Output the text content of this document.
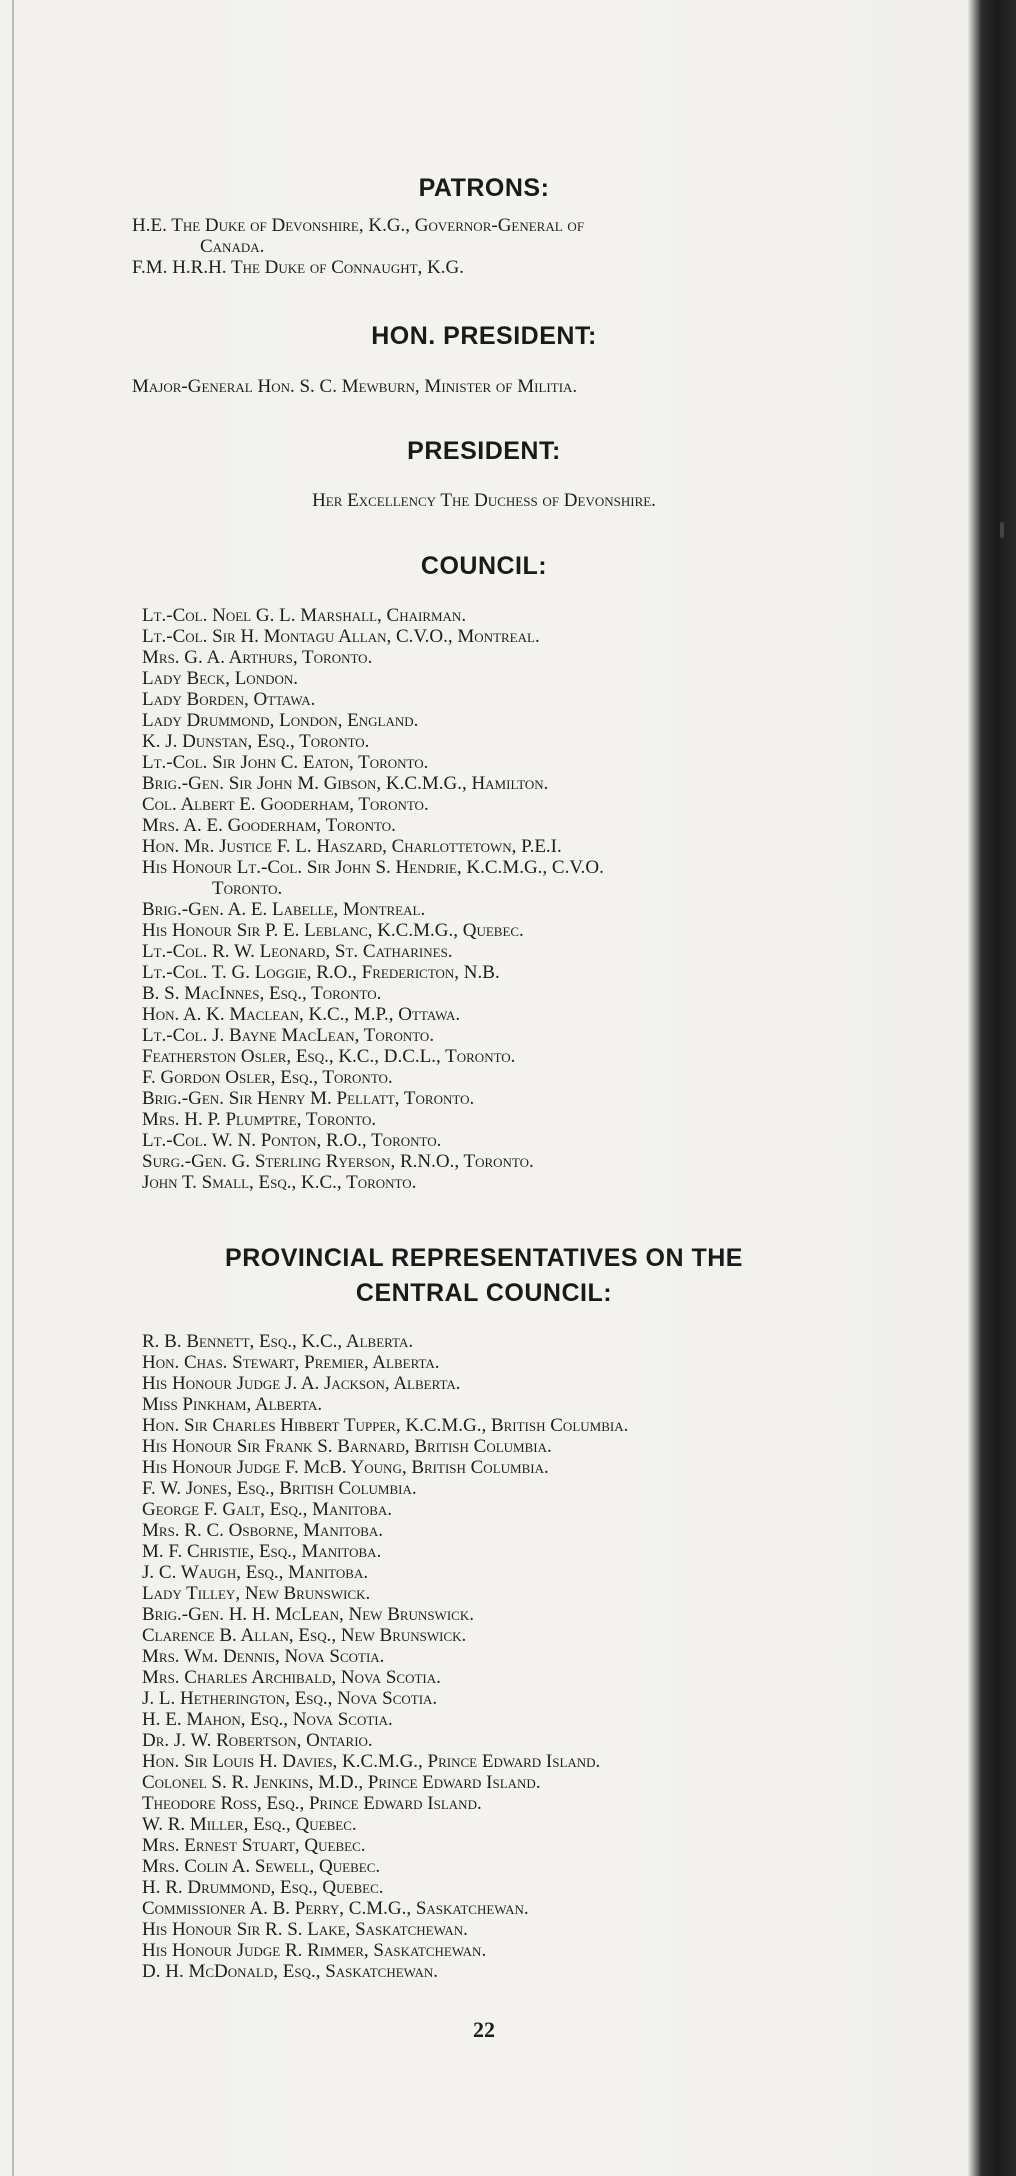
PATRONS:
H.E. The Duke of Devonshire, K.G., Governor-General of
Canada.
F.M. H.R.H. The Duke of Connaught, K.G.
HON. PRESIDENT:
Major-General Hon. S. C. Mewburn, Minister of Militia.
PRESIDENT:
Her Excellency The Duchess of Devonshire.
COUNCIL:
Lt.-Col. Noel G. L. Marshall, Chairman.
Lt.-Col. Sir H. Montagu Allan, C.V.O., Montreal.
Mrs. G. A. Arthurs, Toronto.
Lady Beck, London.
Lady Borden, Ottawa.
Lady Drummond, London, England.
K. J. Dunstan, Esq., Toronto.
Lt.-Col. Sir John C. Eaton, Toronto.
Brig.-Gen. Sir John M. Gibson, K.C.M.G., Hamilton.
Col. Albert E. Gooderham, Toronto.
Mrs. A. E. Gooderham, Toronto.
Hon. Mr. Justice F. L. Haszard, Charlottetown, P.E.I.
His Honour Lt.-Col. Sir John S. Hendrie, K.C.M.G., C.V.O.
Toronto.
Brig.-Gen. A. E. Labelle, Montreal.
His Honour Sir P. E. Leblanc, K.C.M.G., Quebec.
Lt.-Col. R. W. Leonard, St. Catharines.
Lt.-Col. T. G. Loggie, R.O., Fredericton, N.B.
B. S. MacInnes, Esq., Toronto.
Hon. A. K. Maclean, K.C., M.P., Ottawa.
Lt.-Col. J. Bayne MacLean, Toronto.
Featherston Osler, Esq., K.C., D.C.L., Toronto.
F. Gordon Osler, Esq., Toronto.
Brig.-Gen. Sir Henry M. Pellatt, Toronto.
Mrs. H. P. Plumptre, Toronto.
Lt.-Col. W. N. Ponton, R.O., Toronto.
Surg.-Gen. G. Sterling Ryerson, R.N.O., Toronto.
John T. Small, Esq., K.C., Toronto.
PROVINCIAL REPRESENTATIVES ON THE
CENTRAL COUNCIL:
R. B. Bennett, Esq., K.C., Alberta.
Hon. Chas. Stewart, Premier, Alberta.
His Honour Judge J. A. Jackson, Alberta.
Miss Pinkham, Alberta.
Hon. Sir Charles Hibbert Tupper, K.C.M.G., British Columbia.
His Honour Sir Frank S. Barnard, British Columbia.
His Honour Judge F. McB. Young, British Columbia.
F. W. Jones, Esq., British Columbia.
George F. Galt, Esq., Manitoba.
Mrs. R. C. Osborne, Manitoba.
M. F. Christie, Esq., Manitoba.
J. C. Waugh, Esq., Manitoba.
Lady Tilley, New Brunswick.
Brig.-Gen. H. H. McLean, New Brunswick.
Clarence B. Allan, Esq., New Brunswick.
Mrs. Wm. Dennis, Nova Scotia.
Mrs. Charles Archibald, Nova Scotia.
J. L. Hetherington, Esq., Nova Scotia.
H. E. Mahon, Esq., Nova Scotia.
Dr. J. W. Robertson, Ontario.
Hon. Sir Louis H. Davies, K.C.M.G., Prince Edward Island.
Colonel S. R. Jenkins, M.D., Prince Edward Island.
Theodore Ross, Esq., Prince Edward Island.
W. R. Miller, Esq., Quebec.
Mrs. Ernest Stuart, Quebec.
Mrs. Colin A. Sewell, Quebec.
H. R. Drummond, Esq., Quebec.
Commissioner A. B. Perry, C.M.G., Saskatchewan.
His Honour Sir R. S. Lake, Saskatchewan.
His Honour Judge R. Rimmer, Saskatchewan.
D. H. McDonald, Esq., Saskatchewan.
22
